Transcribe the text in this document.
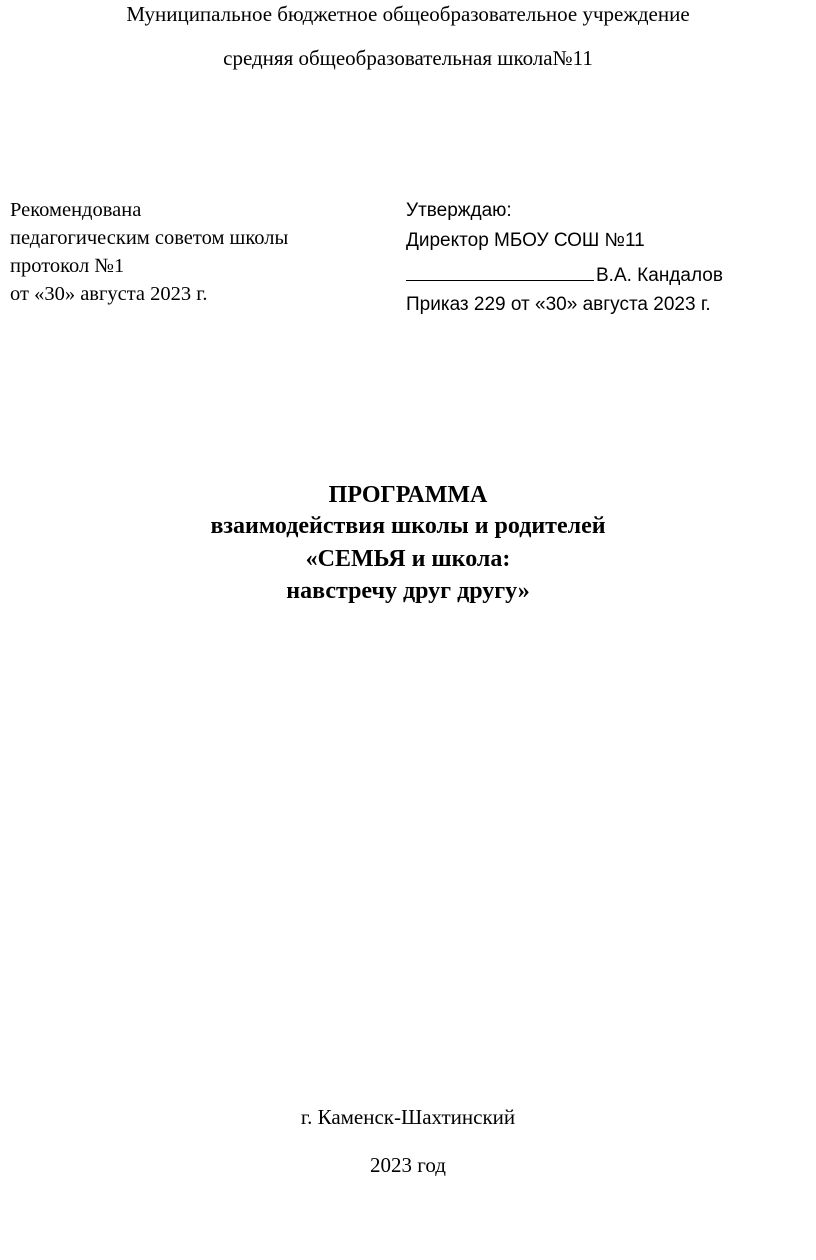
Муниципальное бюджетное общеобразовательное учреждение
средняя общеобразовательная школа№11
Рекомендована
педагогическим советом школы
протокол №1
от «30» августа 2023 г.
Утверждаю:
Директор МБОУ СОШ №11
В.А. Кандалов
Приказ 229 от «30» августа 2023 г.
ПРОГРАММА
взаимодействия школы и родителей
«СЕМЬЯ и школа:
навстречу друг другу»
г. Каменск-Шахтинский
2023 год
